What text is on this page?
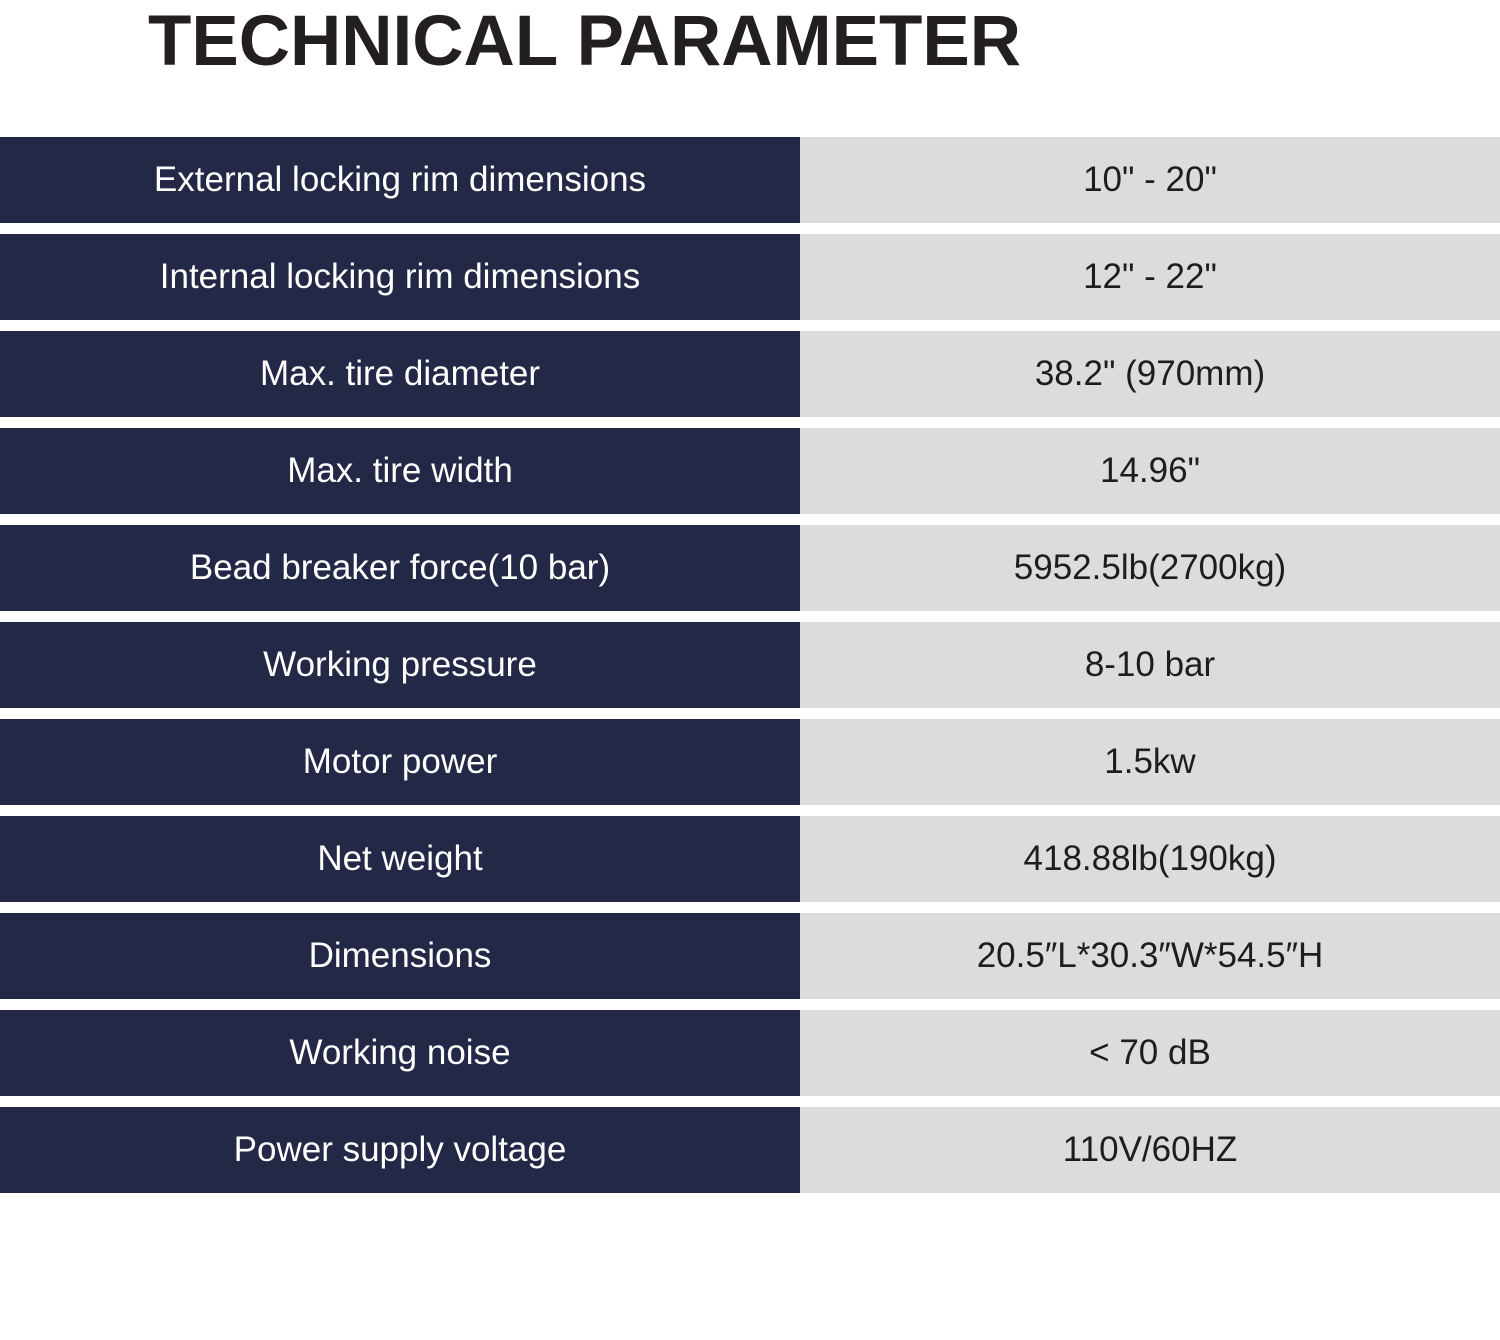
TECHNICAL PARAMETER
External locking rim dimensions	10" - 20"
Internal locking rim dimensions	12" - 22"
Max. tire diameter	38.2" (970mm)
Max. tire width	14.96"
Bead breaker force(10 bar)	5952.5lb(2700kg)
Working pressure	8-10 bar
Motor power	1.5kw
Net weight	418.88lb(190kg)
Dimensions	20.5″L*30.3″W*54.5″H
Working noise	< 70 dB
Power supply voltage	110V/60HZ
